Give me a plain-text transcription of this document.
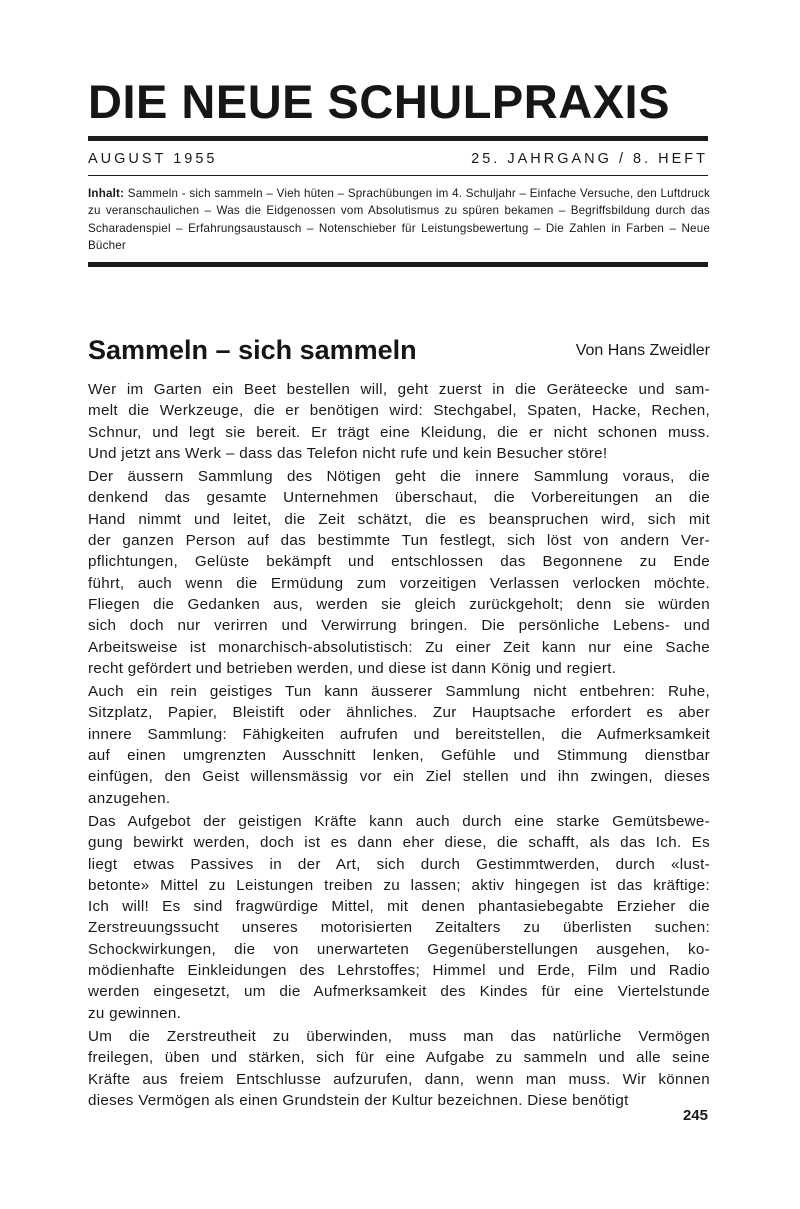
DIE NEUE SCHULPRAXIS
AUGUST 1955	25. JAHRGANG / 8. HEFT
Inhalt: Sammeln - sich sammeln – Vieh hüten – Sprachübungen im 4. Schuljahr – Einfache Versuche, den Luftdruck zu veranschaulichen – Was die Eidgenossen vom Absolutismus zu spüren bekamen – Begriffsbildung durch das Scharadenspiel – Erfahrungsaustausch – Notenschieber für Leistungsbewertung – Die Zahlen in Farben – Neue Bücher
Sammeln – sich sammeln	Von Hans Zweidler
Wer im Garten ein Beet bestellen will, geht zuerst in die Geräteecke und sam-
melt die Werkzeuge, die er benötigen wird: Stechgabel, Spaten, Hacke, Rechen,
Schnur, und legt sie bereit. Er trägt eine Kleidung, die er nicht schonen muss.
Und jetzt ans Werk – dass das Telefon nicht rufe und kein Besucher störe!
Der äussern Sammlung des Nötigen geht die innere Sammlung voraus, die
denkend das gesamte Unternehmen überschaut, die Vorbereitungen an die
Hand nimmt und leitet, die Zeit schätzt, die es beanspruchen wird, sich mit
der ganzen Person auf das bestimmte Tun festlegt, sich löst von andern Ver-
pflichtungen, Gelüste bekämpft und entschlossen das Begonnene zu Ende
führt, auch wenn die Ermüdung zum vorzeitigen Verlassen verlocken möchte.
Fliegen die Gedanken aus, werden sie gleich zurückgeholt; denn sie würden
sich doch nur verirren und Verwirrung bringen. Die persönliche Lebens- und
Arbeitsweise ist monarchisch-absolutistisch: Zu einer Zeit kann nur eine Sache
recht gefördert und betrieben werden, und diese ist dann König und regiert.
Auch ein rein geistiges Tun kann äusserer Sammlung nicht entbehren: Ruhe,
Sitzplatz, Papier, Bleistift oder ähnliches. Zur Hauptsache erfordert es aber
innere Sammlung: Fähigkeiten aufrufen und bereitstellen, die Aufmerksamkeit
auf einen umgrenzten Ausschnitt lenken, Gefühle und Stimmung dienstbar
einfügen, den Geist willensmässig vor ein Ziel stellen und ihn zwingen, dieses
anzugehen.
Das Aufgebot der geistigen Kräfte kann auch durch eine starke Gemütsbewe-
gung bewirkt werden, doch ist es dann eher diese, die schafft, als das Ich. Es
liegt etwas Passives in der Art, sich durch Gestimmtwerden, durch «lust-
betonte» Mittel zu Leistungen treiben zu lassen; aktiv hingegen ist das kräftige:
Ich will! Es sind fragwürdige Mittel, mit denen phantasiebegabte Erzieher die
Zerstreuungssucht unseres motorisierten Zeitalters zu überlisten suchen:
Schockwirkungen, die von unerwarteten Gegenüberstellungen ausgehen, ko-
mödienhafte Einkleidungen des Lehrstoffes; Himmel und Erde, Film und Radio
werden eingesetzt, um die Aufmerksamkeit des Kindes für eine Viertelstunde
zu gewinnen.
Um die Zerstreutheit zu überwinden, muss man das natürliche Vermögen
freilegen, üben und stärken, sich für eine Aufgabe zu sammeln und alle seine
Kräfte aus freiem Entschlusse aufzurufen, dann, wenn man muss. Wir können
dieses Vermögen als einen Grundstein der Kultur bezeichnen. Diese benötigt
245
